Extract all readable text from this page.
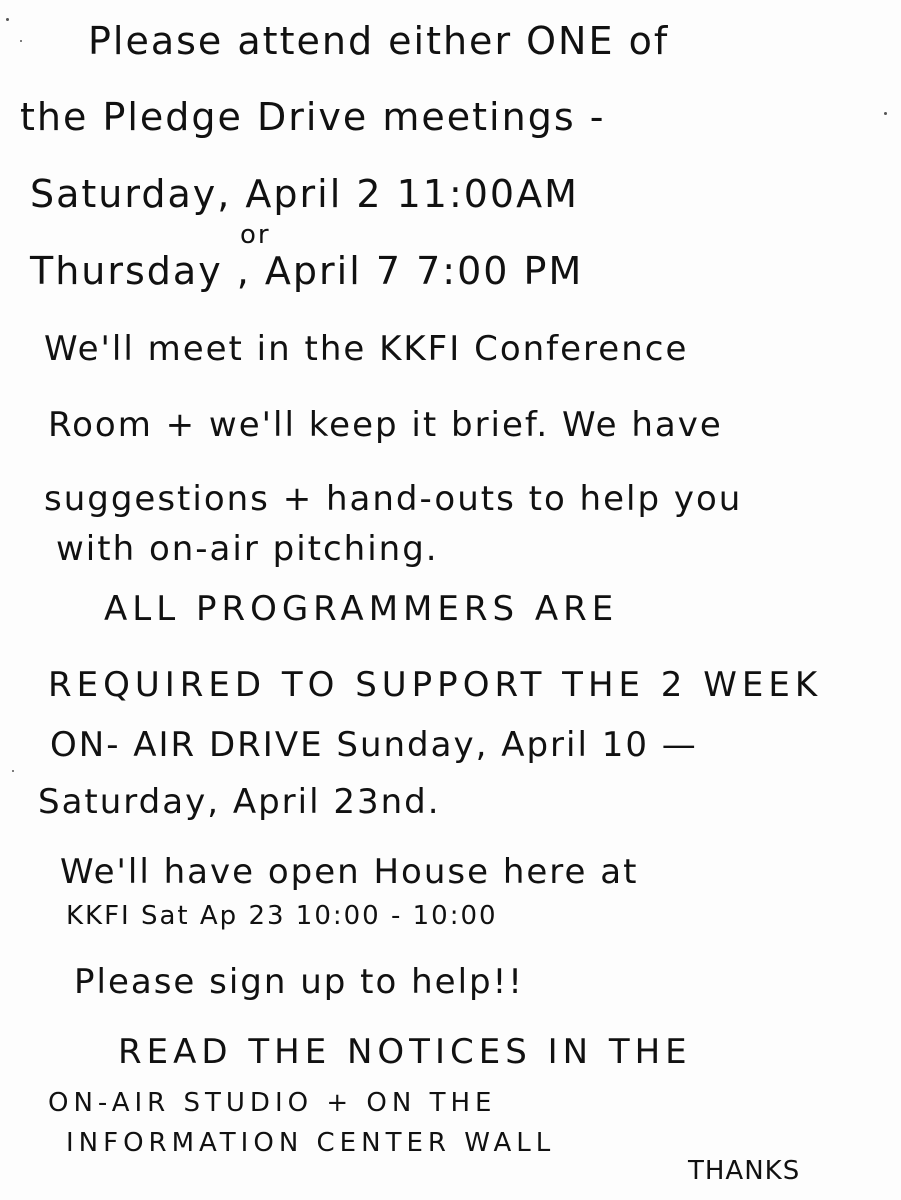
Please attend either ONE of
the Pledge Drive meetings -
Saturday, April 2 11:00AM
or
Thursday , April 7 7:00 PM
We'll meet in the KKFI Conference
Room + we'll keep it brief. We have
suggestions + hand-outs to help you
with on-air pitching.
ALL PROGRAMMERS ARE
REQUIRED TO SUPPORT THE 2 WEEK
ON- AIR DRIVE Sunday, April 10 —
Saturday, April 23nd.
We'll have open House here at
KKFI Sat Ap 23 10:00 - 10:00
Please sign up to help!!
READ THE NOTICES IN THE
ON-AIR STUDIO + ON THE
INFORMATION CENTER WALL
THANKS
